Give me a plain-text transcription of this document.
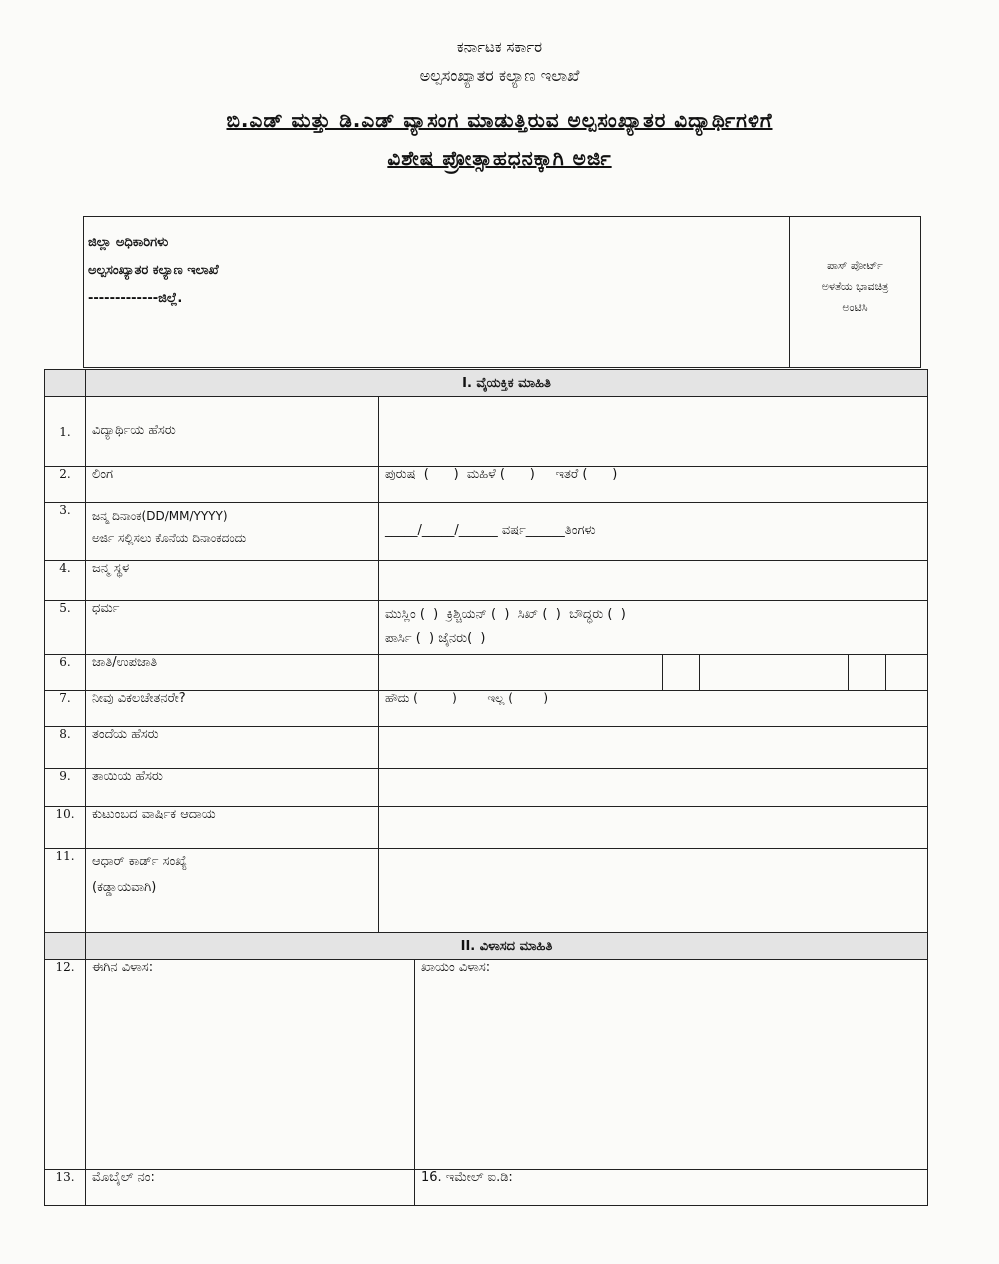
ಕರ್ನಾಟಕ ಸರ್ಕಾರ
ಅಲ್ಪಸಂಖ್ಯಾತರ ಕಲ್ಯಾಣ ಇಲಾಖೆ
ಬಿ.ಎಡ್ ಮತ್ತು ಡಿ.ಎಡ್ ವ್ಯಾಸಂಗ ಮಾಡುತ್ತಿರುವ ಅಲ್ಪಸಂಖ್ಯಾತರ ವಿದ್ಯಾರ್ಥಿಗಳಿಗೆ
ವಿಶೇಷ ಪ್ರೋತ್ಸಾಹಧನಕ್ಕಾಗಿ ಅರ್ಜಿ
ಜಿಲ್ಲಾ ಅಧಿಕಾರಿಗಳು
ಅಲ್ಪಸಂಖ್ಯಾತರ ಕಲ್ಯಾಣ ಇಲಾಖೆ
-------------ಜಿಲ್ಲೆ.
ಪಾಸ್ ಪೋರ್ಟ್
ಅಳತೆಯ ಭಾವಚಿತ್ರ
ಅಂಟಿಸಿ
	I. ವೈಯಕ್ತಿಕ ಮಾಹಿತಿ		
1.	ವಿದ್ಯಾರ್ಥಿಯ ಹೆಸರು		
2.	ಲಿಂಗ	ಪುರುಷ  (      )  ಮಹಿಳೆ (      )     ಇತರೆ (      )	
3.	ಜನ್ಮ ದಿನಾಂಕ(DD/MM/YYYY)
ಅರ್ಜಿ ಸಲ್ಲಿಸಲು ಕೊನೆಯ ದಿನಾಂಕದಂದು	_____/_____/______ ವರ್ಷ______ತಿಂಗಳು	
4.	ಜನ್ಮ ಸ್ಥಳ		
5.	ಧರ್ಮ	ಮುಸ್ಲಿಂ (  )  ಕ್ರಿಶ್ಚಿಯನ್ (  )  ಸಿಖ್ (  )  ಬೌದ್ಧರು (  )
ಪಾರ್ಸಿ (  ) ಜೈನರು(  )	

6.	ಜಾತಿ/ಉಪಜಾತಿ		

7.	ನೀವು ವಿಕಲಚೇತನರೇ?	ಹೌದು (         )        ಇಲ್ಲ (        )	
8.	ತಂದೆಯ ಹೆಸರು		
9.	ತಾಯಿಯ ಹೆಸರು		
10.	ಕುಟುಂಬದ ವಾರ್ಷಿಕ ಆದಾಯ		
11.	ಆಧಾರ್ ಕಾರ್ಡ್ ಸಂಖ್ಯೆ
(ಕಡ್ಡಾಯವಾಗಿ)		

	II. ವಿಳಾಸದ ಮಾಹಿತಿ		
12.	ಈಗಿನ ವಿಳಾಸ:		ಖಾಯಂ ವಿಳಾಸ:
13.	ಮೊಬೈಲ್ ನಂ:		16. ಇಮೇಲ್ ಐ.ಡಿ:
